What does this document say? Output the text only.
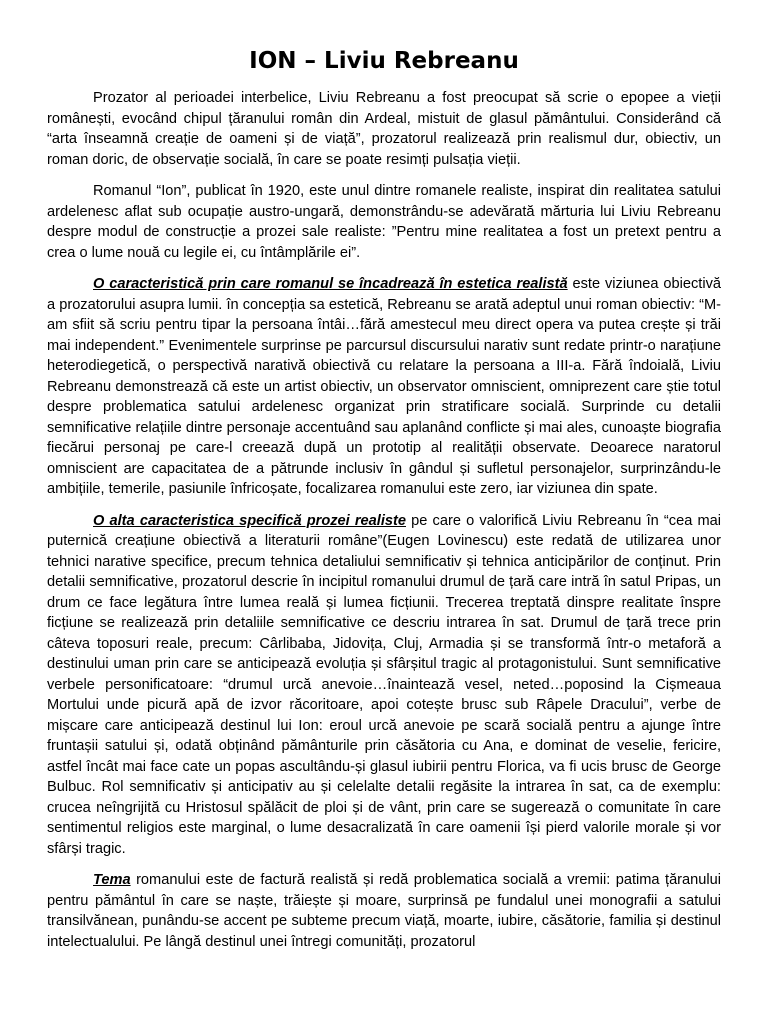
ION – Liviu Rebreanu

Prozator al perioadei interbelice, Liviu Rebreanu a fost preocupat să scrie o epopee a vieții românești, evocând chipul țăranului român din Ardeal, mistuit de glasul pământului. Considerând că “arta înseamnă creație de oameni și de viață”, prozatorul realizează prin realismul dur, obiectiv, un roman doric, de observație socială, în care se poate resimți pulsația vieții.

Romanul “Ion”, publicat în 1920, este unul dintre romanele realiste, inspirat din realitatea satului ardelenesc aflat sub ocupație austro-ungară, demonstrându-se adevărată mărturia lui Liviu Rebreanu despre modul de construcție a prozei sale realiste: ”Pentru mine realitatea a fost un pretext pentru a crea o lume nouă cu legile ei, cu întâmplările ei”.

O caracteristică prin care romanul se încadrează în estetica realistă este viziunea obiectivă a prozatorului asupra lumii. în concepția sa estetică, Rebreanu se arată adeptul unui roman obiectiv: “M-am sfiit să scriu pentru tipar la persoana întâi…fără amestecul meu direct opera va putea crește și trăi mai independent.” Evenimentele surprinse pe parcursul discursului narativ sunt redate printr-o narațiune heterodiegetică, o perspectivă narativă obiectivă cu relatare la persoana a III-a. Fără îndoială, Liviu Rebreanu demonstrează că este un artist obiectiv, un observator omniscient, omniprezent care știe totul despre problematica satului ardelenesc organizat prin stratificare socială. Surprinde cu detalii semnificative relațiile dintre personaje accentuând sau aplanând conflicte și mai ales, cunoaște biografia fiecărui personaj pe care-l creează după un prototip al realității observate. Deoarece naratorul omniscient are capacitatea de a pătrunde inclusiv în gândul și sufletul personajelor, surprinzându-le ambițiile, temerile, pasiunile înfricoșate, focalizarea romanului este zero, iar viziunea din spate.

O alta caracteristica specifică prozei realiste pe care o valorifică Liviu Rebreanu în “cea mai puternică creațiune obiectivă a literaturii române”(Eugen Lovinescu) este redată de utilizarea unor tehnici narative specifice, precum tehnica detaliului semnificativ și tehnica anticipărilor de conținut. Prin detalii semnificative, prozatorul descrie în incipitul romanului drumul de țară care intră în satul Pripas, un drum ce face legătura între lumea reală și lumea ficțiunii. Trecerea treptată dinspre realitate înspre ficțiune se realizează prin detaliile semnificative ce descriu intrarea în sat. Drumul de țară trece prin câteva toposuri reale, precum: Cârlibaba, Jidovița, Cluj, Armadia și se transformă într-o metaforă a destinului uman prin care se anticipează evoluția și sfârșitul tragic al protagonistului. Sunt semnificative verbele personificatoare: “drumul urcă anevoie…înaintează vesel, neted…poposind la Cișmeaua Mortului unde picură apă de izvor răcoritoare, apoi cotește brusc sub Râpele Dracului”, verbe de mișcare care anticipează destinul lui Ion: eroul urcă anevoie pe scară socială pentru a ajunge între fruntașii satului și, odată obținând pământurile prin căsătoria cu Ana, e dominat de veselie, fericire, astfel încât mai face cate un popas ascultându-și glasul iubirii pentru Florica, va fi ucis brusc de George Bulbuc. Rol semnificativ și anticipativ au și celelalte detalii regăsite la intrarea în sat, ca de exemplu: crucea neîngrijită cu Hristosul spălăcit de ploi și de vânt, prin care se sugerează o comunitate în care sentimentul religios este marginal, o lume desacralizată în care oamenii își pierd valorile morale și vor sfârși tragic.

Tema romanului este de factură realistă și redă problematica socială a vremii: patima țăranului pentru pământul în care se naște, trăiește și moare, surprinsă pe fundalul unei monografii a satului transilvănean, punându-se accent pe subteme precum viață, moarte, iubire, căsătorie, familia și destinul intelectualului. Pe lângă destinul unei întregi comunități, prozatorul
